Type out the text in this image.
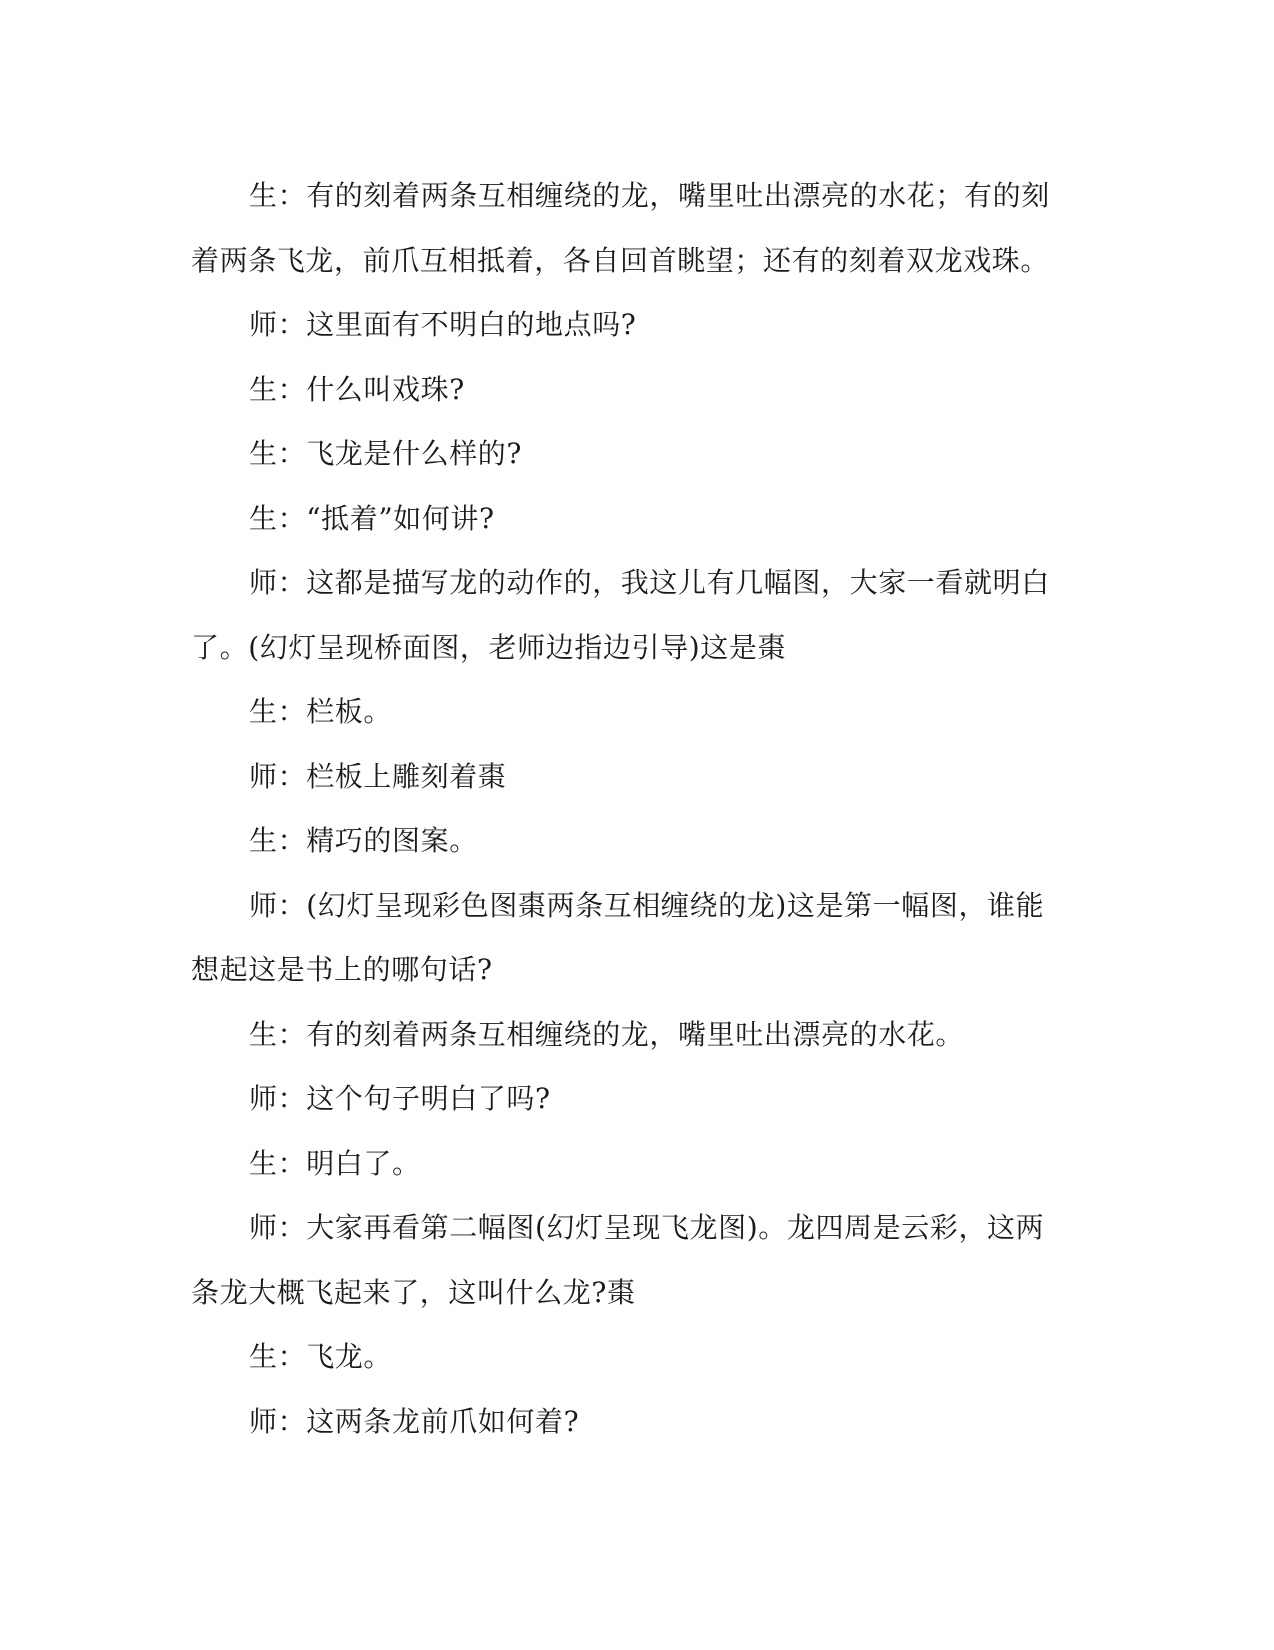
生：有的刻着两条互相缠绕的龙，嘴里吐出漂亮的水花；有的刻

着两条飞龙，前爪互相抵着，各自回首眺望；还有的刻着双龙戏珠。

师：这里面有不明白的地点吗?

生：什么叫戏珠?

生：飞龙是什么样的?

生：“抵着”如何讲?

师：这都是描写龙的动作的，我这儿有几幅图，大家一看就明白

了。(幻灯呈现桥面图，老师边指边引导)这是棗

生：栏板。

师：栏板上雕刻着棗

生：精巧的图案。

师：(幻灯呈现彩色图棗两条互相缠绕的龙)这是第一幅图，谁能

想起这是书上的哪句话?

生：有的刻着两条互相缠绕的龙，嘴里吐出漂亮的水花。

师：这个句子明白了吗?

生：明白了。

师：大家再看第二幅图(幻灯呈现飞龙图)。龙四周是云彩，这两

条龙大概飞起来了，这叫什么龙?棗

生：飞龙。

师：这两条龙前爪如何着?
